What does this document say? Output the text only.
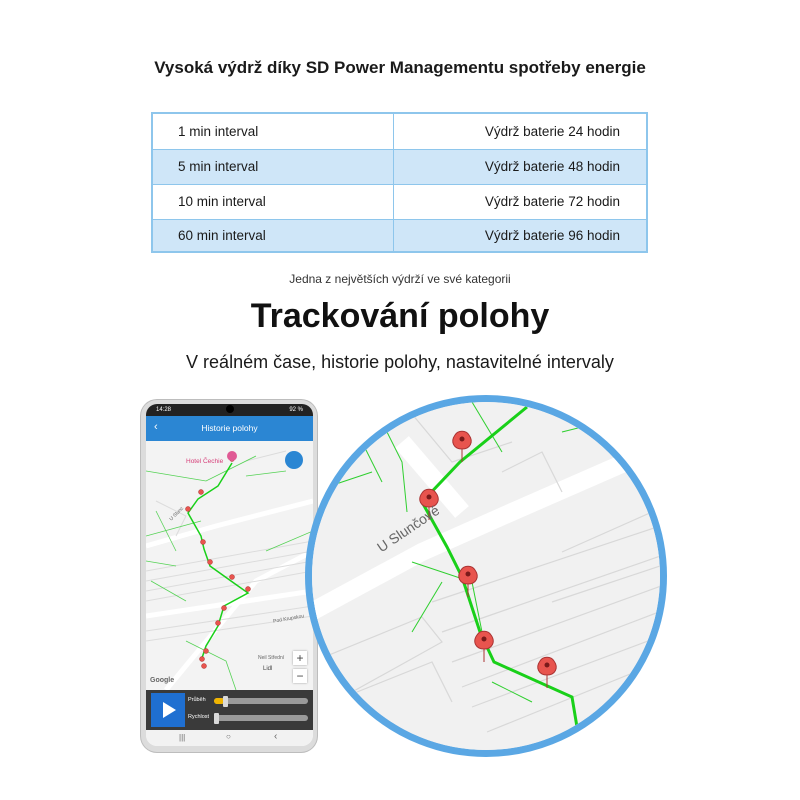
Vysoká výdrž díky SD Power Managementu spotřeby energie
1 min interval	Výdrž baterie 24 hodin
5 min interval	Výdrž baterie 48 hodin
10 min interval	Výdrž baterie 72 hodin
60 min interval	Výdrž baterie 96 hodin
Jedna z největších výdrží ve své kategorii
Trackování polohy
V reálném čase, historie polohy, nastavitelné intervaly
14:28	92 %
‹	Historie polohy
Hotel Čechie
U Slunc
Pod Krupskou
Neil Střední
Lidl
+
−
Google
Průběh
Rychlost
|||	○	‹
U Slunčové
